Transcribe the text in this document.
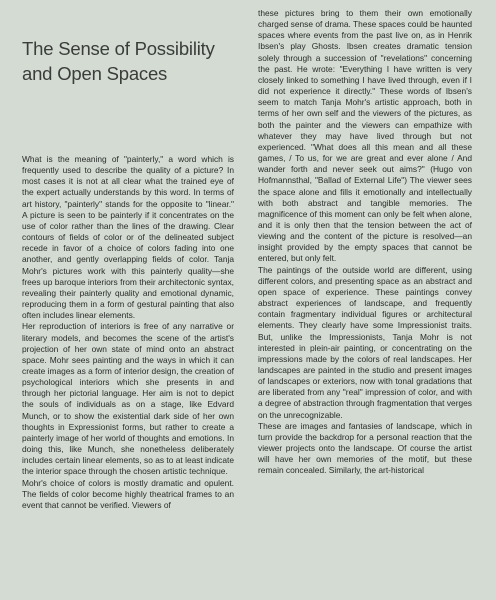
The Sense of Possibility and Open Spaces

What is the meaning of "painterly," a word which is frequently used to describe the quality of a picture? In most cases it is not at all clear what the trained eye of the expert actually understands by this word. In terms of art history, "painterly" stands for the opposite to "linear." A picture is seen to be painterly if it concentrates on the use of color rather than the lines of the drawing. Clear contours of fields of color or of the delineated subject recede in favor of a choice of colors fading into one another, and gently overlapping fields of color. Tanja Mohr's pictures work with this painterly quality—she frees up baroque interiors from their architectonic syntax, revealing their painterly quality and emotional dynamic, reproducing them in a form of gestural painting that also often includes linear elements.

Her reproduction of interiors is free of any narrative or literary models, and becomes the scene of the artist's projection of her own state of mind onto an abstract space. Mohr sees painting and the ways in which it can create images as a form of interior design, the creation of psychological interiors which she presents in and through her pictorial language. Her aim is not to depict the souls of individuals as on a stage, like Edvard Munch, or to show the existential dark side of her own thoughts in Expressionist forms, but rather to create a painterly image of her world of thoughts and emotions. In doing this, like Munch, she nonetheless deliberately includes certain linear elements, so as to at least indicate the interior space through the chosen artistic technique.

Mohr's choice of colors is mostly dramatic and opulent. The fields of color become highly theatrical frames to an event that cannot be verified. Viewers of

these pictures bring to them their own emotionally charged sense of drama. These spaces could be haunted spaces where events from the past live on, as in Henrik Ibsen's play Ghosts. Ibsen creates dramatic tension solely through a succession of "revelations" concerning the past. He wrote: "Everything I have written is very closely linked to something I have lived through, even if I did not experience it directly." These words of Ibsen's seem to match Tanja Mohr's artistic approach, both in terms of her own self and the viewers of the pictures, as both the painter and the viewers can empathize with whatever they may have lived through but not experienced. "What does all this mean and all these games, / To us, for we are great and ever alone / And wander forth and never seek out aims?" (Hugo von Hofmannsthal, "Ballad of External Life") The viewer sees the space alone and fills it emotionally and intellectually with both abstract and tangible memories. The magnificence of this moment can only be felt when alone, and it is only then that the tension between the act of viewing and the content of the picture is resolved—an insight provided by the empty spaces that cannot be entered, but only felt.

The paintings of the outside world are different, using different colors, and presenting space as an abstract and open space of experience. These paintings convey abstract experiences of landscape, and frequently contain fragmentary individual figures or architectural elements. They clearly have some Impressionist traits. But, unlike the Impressionists, Tanja Mohr is not interested in plein-air painting, or concentrating on the impressions made by the colors of real landscapes. Her landscapes are painted in the studio and present images of landscapes or exteriors, now with tonal gradations that are liberated from any "real" impression of color, and with a degree of abstraction through fragmentation that verges on the unrecognizable.

These are images and fantasies of landscape, which in turn provide the backdrop for a personal reaction that the viewer projects onto the landscape. Of course the artist will have her own memories of the motif, but these remain concealed. Similarly, the art-historical
